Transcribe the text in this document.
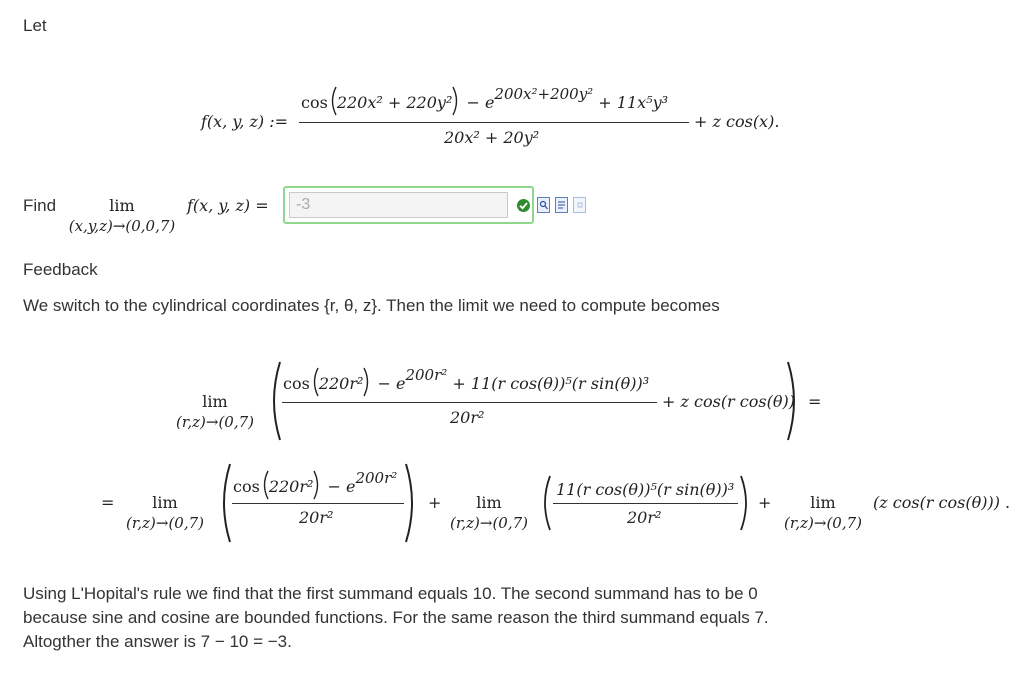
Let
f(x, y, z) :=
$\cos 220x^2 + 220y^2 - e^{200x^2+200y^2} + 11x^5y^3$
20x² + 20y²
+ z cos(x).
Find	lim
(x,y,z)→(0,0,7)
f(x, y, z) =	-3
Feedback
We switch to the cylindrical coordinates {r, θ, z}. Then the limit we need to compute becomes
lim
(r,z)→(0,7)
$\cos 220r^2 - e^{200r^2} + 11(r$ cos(θ))⁵(r sin(θ))³
20r²
+ z cos(r cos(θ)) =
=	lim
(r,z)→(0,7)
$\cos 220r^2 - e^{200r^2}$
20r²
+	lim
(r,z)→(0,7)
11(r cos(θ))⁵(r sin(θ))³
20r²
+	lim
(r,z)→(0,7)
(z cos(r cos(θ))) .
Using L'Hopital's rule we find that the first summand equals 10. The second summand has to be 0
because sine and cosine are bounded functions. For the same reason the third summand equals 7.
Altogther the answer is 7 − 10 = −3.
